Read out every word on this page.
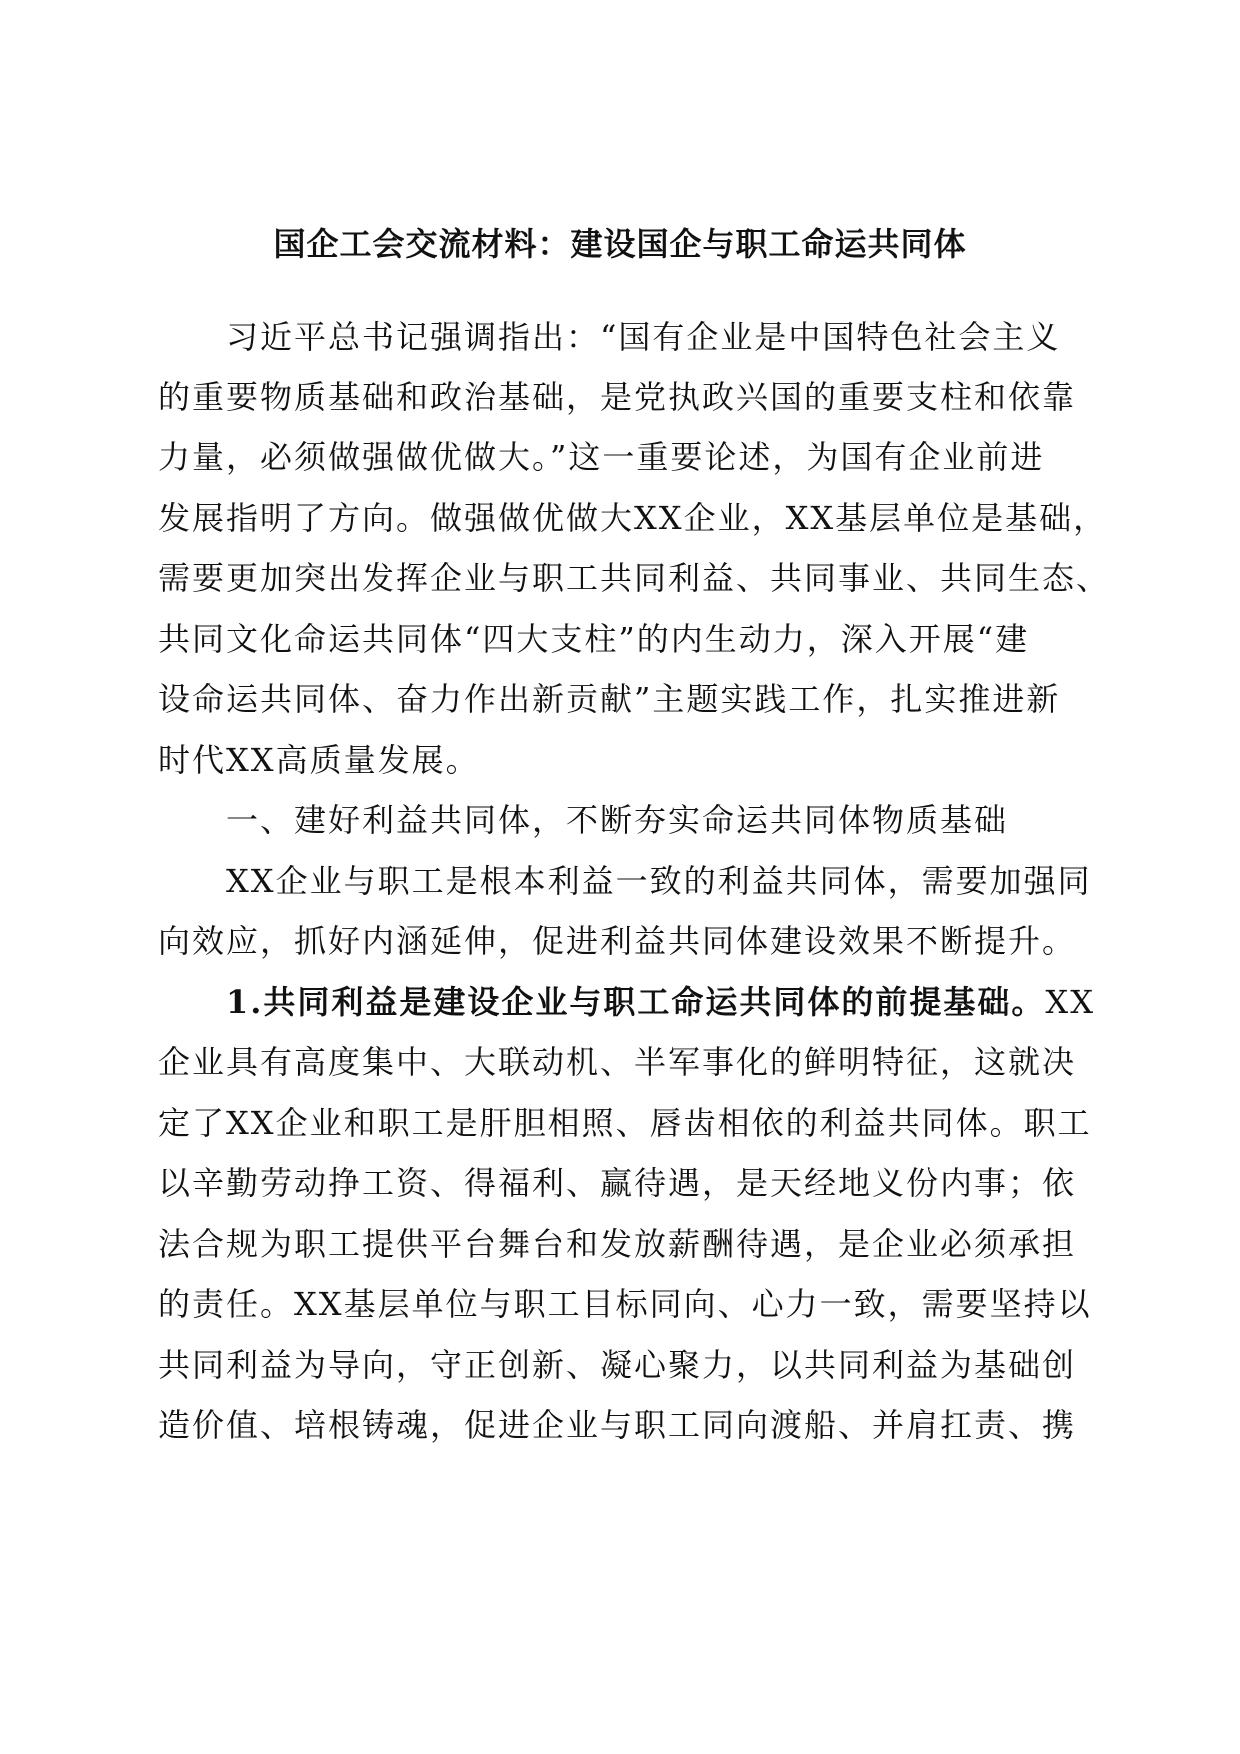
国企工会交流材料：建设国企与职工命运共同体
　　习近平总书记强调指出：“国有企业是中国特色社会主义
的重要物质基础和政治基础，是党执政兴国的重要支柱和依靠
力量，必须做强做优做大。”这一重要论述，为国有企业前进
发展指明了方向。做强做优做大XX企业，XX基层单位是基础，
需要更加突出发挥企业与职工共同利益、共同事业、共同生态、
共同文化命运共同体“四大支柱”的内生动力，深入开展“建
设命运共同体、奋力作出新贡献”主题实践工作，扎实推进新
时代XX高质量发展。
　　一、建好利益共同体，不断夯实命运共同体物质基础
　　XX企业与职工是根本利益一致的利益共同体，需要加强同
向效应，抓好内涵延伸，促进利益共同体建设效果不断提升。
　　1.共同利益是建设企业与职工命运共同体的前提基础。XX
企业具有高度集中、大联动机、半军事化的鲜明特征，这就决
定了XX企业和职工是肝胆相照、唇齿相依的利益共同体。职工
以辛勤劳动挣工资、得福利、赢待遇，是天经地义份内事；依
法合规为职工提供平台舞台和发放薪酬待遇，是企业必须承担
的责任。XX基层单位与职工目标同向、心力一致，需要坚持以
共同利益为导向，守正创新、凝心聚力，以共同利益为基础创
造价值、培根铸魂，促进企业与职工同向渡船、并肩扛责、携
